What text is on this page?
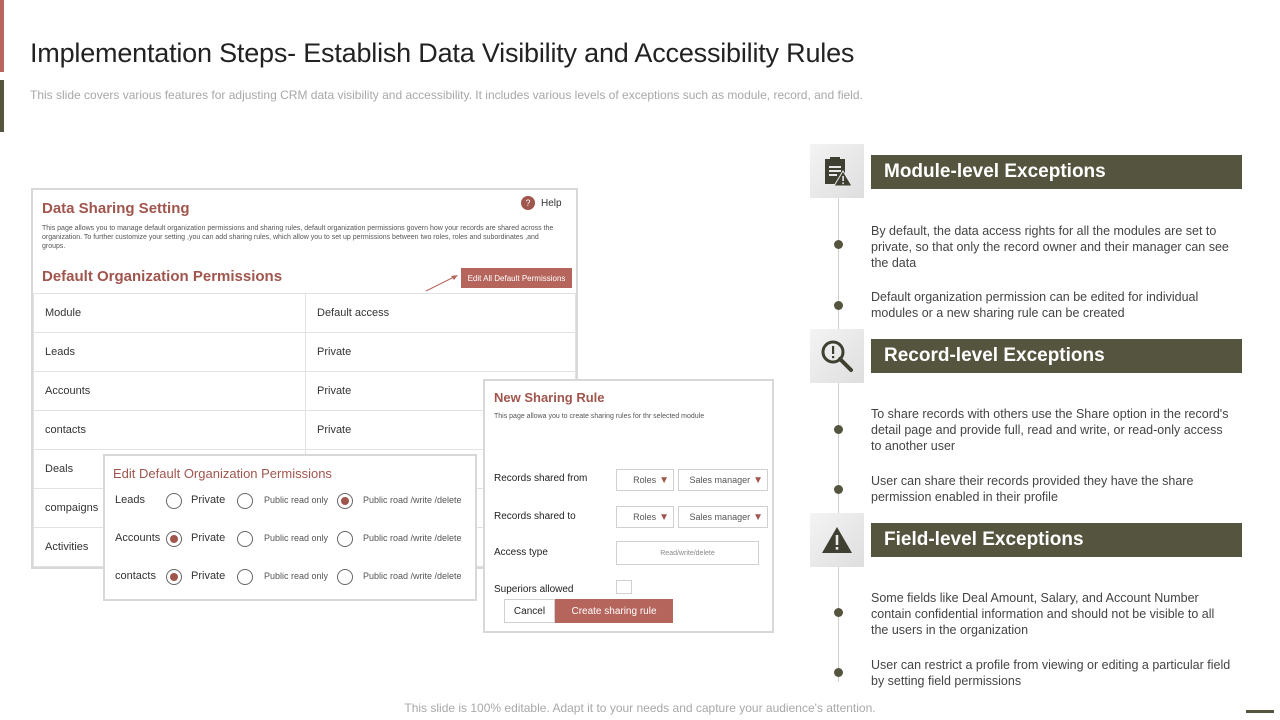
Implementation Steps- Establish Data Visibility and Accessibility Rules
This slide covers various features for adjusting CRM data visibility and accessibility. It includes various levels of exceptions such as module, record, and field.
Data Sharing Setting	?	Help
This page allows you to manage default organization permissions and sharing rules, default organization permissions govern how your records are shared across the organization. To further customize your setting ,you can add sharing rules, which allow you to set up permissions between two roles, roles and subordinates ,and groups.
Default Organization Permissions	Edit All Default Permissions
Module	Default access
Leads	Private
Accounts	Private
contacts	Private
Deals	
compaigns	
Activities	
Edit Default Organization Permissions
Leads	Private	Public read only	Public road /write /delete
Accounts	Private	Public read only	Public road /write /delete
contacts	Private	Public read only	Public road /write /delete
New Sharing Rule
This page allowa you to create sharing rules for thr selected module
Records shared from	Roles ▼ Sales manager ▼
Records shared to	Roles ▼ Sales manager ▼
Access type	Read/write/delete
Superiors allowed
Cancel	Create sharing rule
Module-level Exceptions
By default, the data access rights for all the modules are set to private, so that only the record owner and their manager can see the data
Default organization permission can be edited for individual modules or a new sharing rule can be created
Record-level Exceptions
To share records with others use the Share option in the record's detail page and provide full, read and write, or read-only access to another user
User can share their records provided they have the share permission enabled in their profile
Field-level Exceptions
Some fields like Deal Amount, Salary, and Account Number contain confidential information and should not be visible to all the users in the organization
User can restrict a profile from viewing or editing a particular field by setting field permissions
This slide is 100% editable. Adapt it to your needs and capture your audience's attention.
